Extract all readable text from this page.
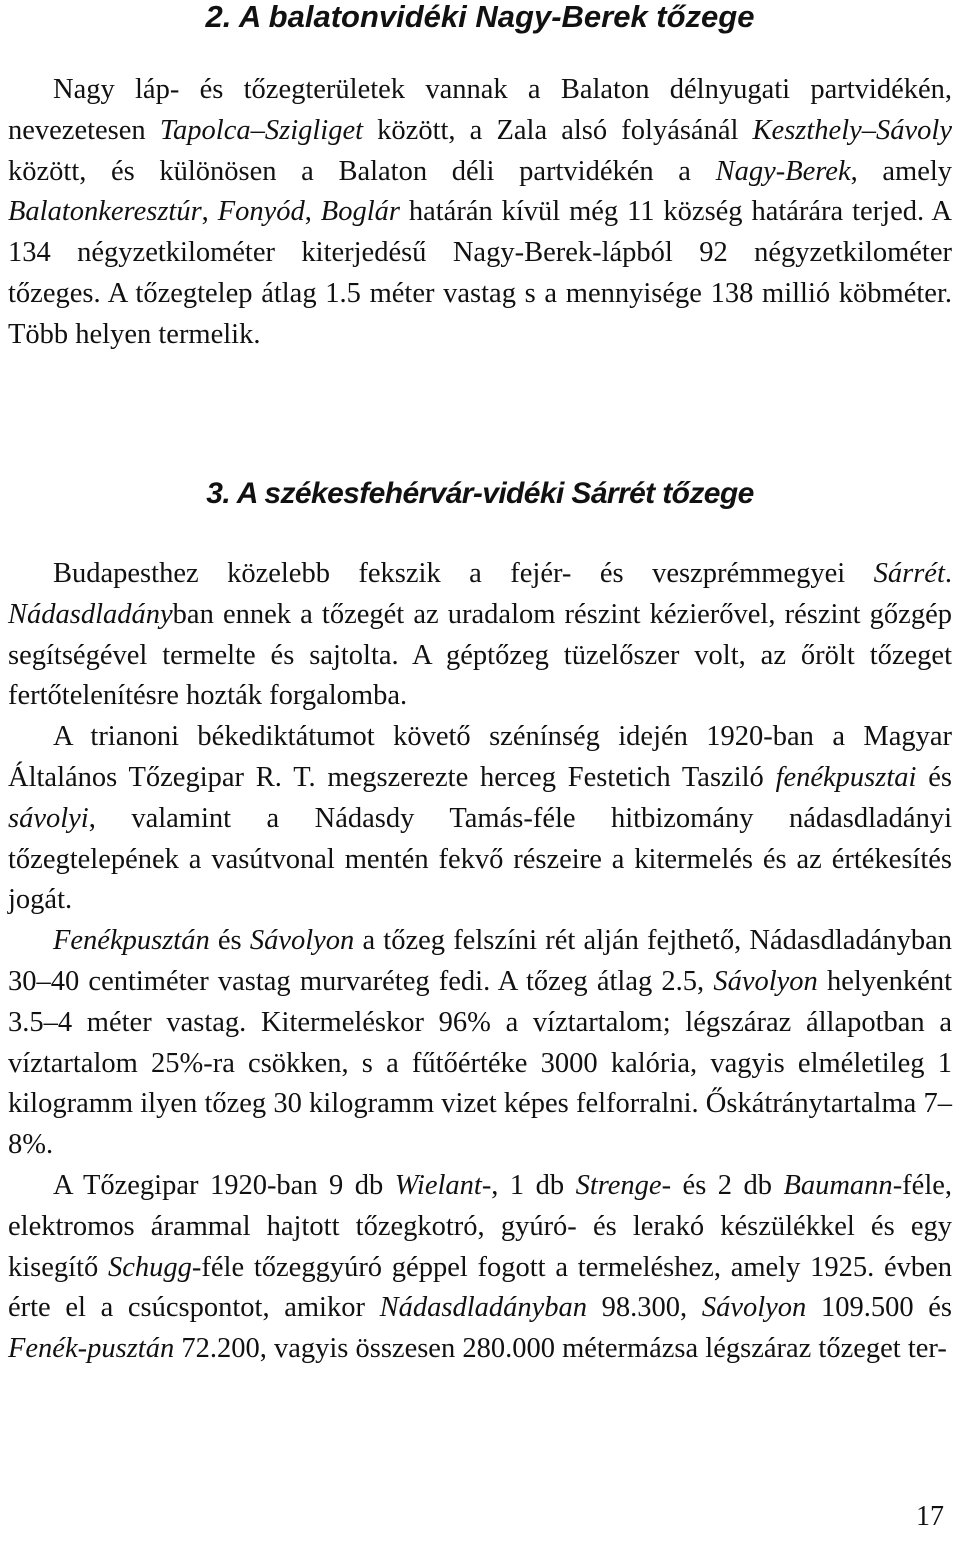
2. A balatonvidéki Nagy-Berek tőzege

Nagy láp- és tőzegterületek vannak a Balaton délnyugati partvidékén, nevezetesen Tapolca–Szigliget között, a Zala alsó folyásánál Keszthely–Sávoly között, és különösen a Balaton déli partvidékén a Nagy-Berek, amely Balatonkeresztúr, Fonyód, Boglár határán kívül még 11 község határára terjed. A 134 négyzetkilométer kiterjedésű Nagy-Berek-lápból 92 négyzetkilométer tőzeges. A tőzegtelep átlag 1.5 méter vastag s a mennyisége 138 millió köbméter. Több helyen termelik.

3. A székesfehérvár-vidéki Sárrét tőzege

Budapesthez közelebb fekszik a fejér- és veszprémmegyei Sárrét. Nádasdladányban ennek a tőzegét az uradalom részint kézierővel, részint gőzgép segítségével termelte és sajtolta. A géptőzeg tüzelőszer volt, az őrölt tőzeget fertőtelenítésre hozták forgalomba.

A trianoni békediktátumot követő szénínség idején 1920-ban a Magyar Általános Tőzegipar R. T. megszerezte herceg Festetich Tasziló fenékpusztai és sávolyi, valamint a Nádasdy Tamás-féle hitbizomány nádasdladányi tőzegtelepének a vasútvonal mentén fekvő részeire a kitermelés és az értékesítés jogát.

Fenékpusztán és Sávolyon a tőzeg felszíni rét alján fejthető, Nádasdladányban 30–40 centiméter vastag murvaréteg fedi. A tőzeg átlag 2.5, Sávolyon helyenként 3.5–4 méter vastag. Kitermeléskor 96% a víztartalom; légszáraz állapotban a víztartalom 25%-ra csökken, s a fűtőértéke 3000 kalória, vagyis elméletileg 1 kilogramm ilyen tőzeg 30 kilogramm vizet képes felforralni. Őskátránytartalma 7–8%.

A Tőzegipar 1920-ban 9 db Wielant-, 1 db Strenge- és 2 db Baumann-féle, elektromos árammal hajtott tőzegkotró, gyúró- és lerakó készülékkel és egy kisegítő Schugg-féle tőzeggyúró géppel fogott a termeléshez, amely 1925. évben érte el a csúcspontot, amikor Nádasdladányban 98.300, Sávolyon 109.500 és Fenék-pusztán 72.200, vagyis összesen 280.000 métermázsa légszáraz tőzeget ter-

17
